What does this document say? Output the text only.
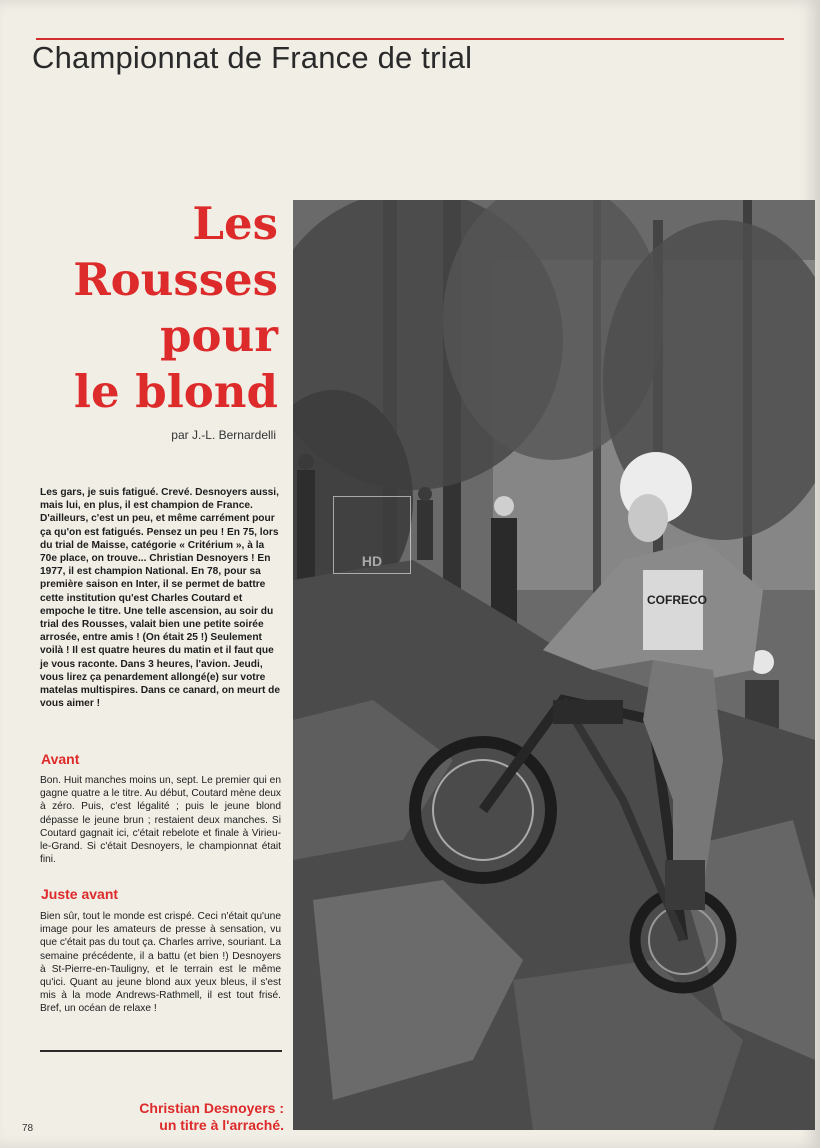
Championnat de France de trial
Les
Rousses
pour
le blond
par J.-L. Bernardelli

Les gars, je suis fatigué. Crevé. Desnoyers aussi, mais lui, en plus, il est champion de France. D'ailleurs, c'est un peu, et même carrément pour ça qu'on est fatigués. Pensez un peu ! En 75, lors du trial de Maisse, catégorie « Critérium », à la 70e place, on trouve... Christian Desnoyers ! En 1977, il est champion National. En 78, pour sa première saison en Inter, il se permet de battre cette institution qu'est Charles Coutard et empoche le titre. Une telle ascension, au soir du trial des Rousses, valait bien une petite soirée arrosée, entre amis ! (On était 25 !) Seulement voilà ! Il est quatre heures du matin et il faut que je vous raconte. Dans 3 heures, l'avion. Jeudi, vous lirez ça penardement allongé(e) sur votre matelas multispires. Dans ce canard, on meurt de vous aimer !

Avant

Bon. Huit manches moins un, sept. Le premier qui en gagne quatre a le titre. Au début, Coutard mène deux à zéro. Puis, c'est légalité ; puis le jeune blond dépasse le jeune brun ; restaient deux manches. Si Coutard gagnait ici, c'était rebelote et finale à Virieu-le-Grand. Si c'était Desnoyers, le championnat était fini.

Juste avant

Bien sûr, tout le monde est crispé. Ceci n'était qu'une image pour les amateurs de presse à sensation, vu que c'était pas du tout ça. Charles arrive, souriant. La semaine précédente, il a battu (et bien !) Desnoyers à St-Pierre-en-Tauligny, et le terrain est le même qu'ici. Quant au jeune blond aux yeux bleus, il s'est mis à la mode Andrews-Rathmell, il est tout frisé. Bref, un océan de relaxe !

Christian Desnoyers :
un titre à l'arraché.
78
COFRECO
HD
